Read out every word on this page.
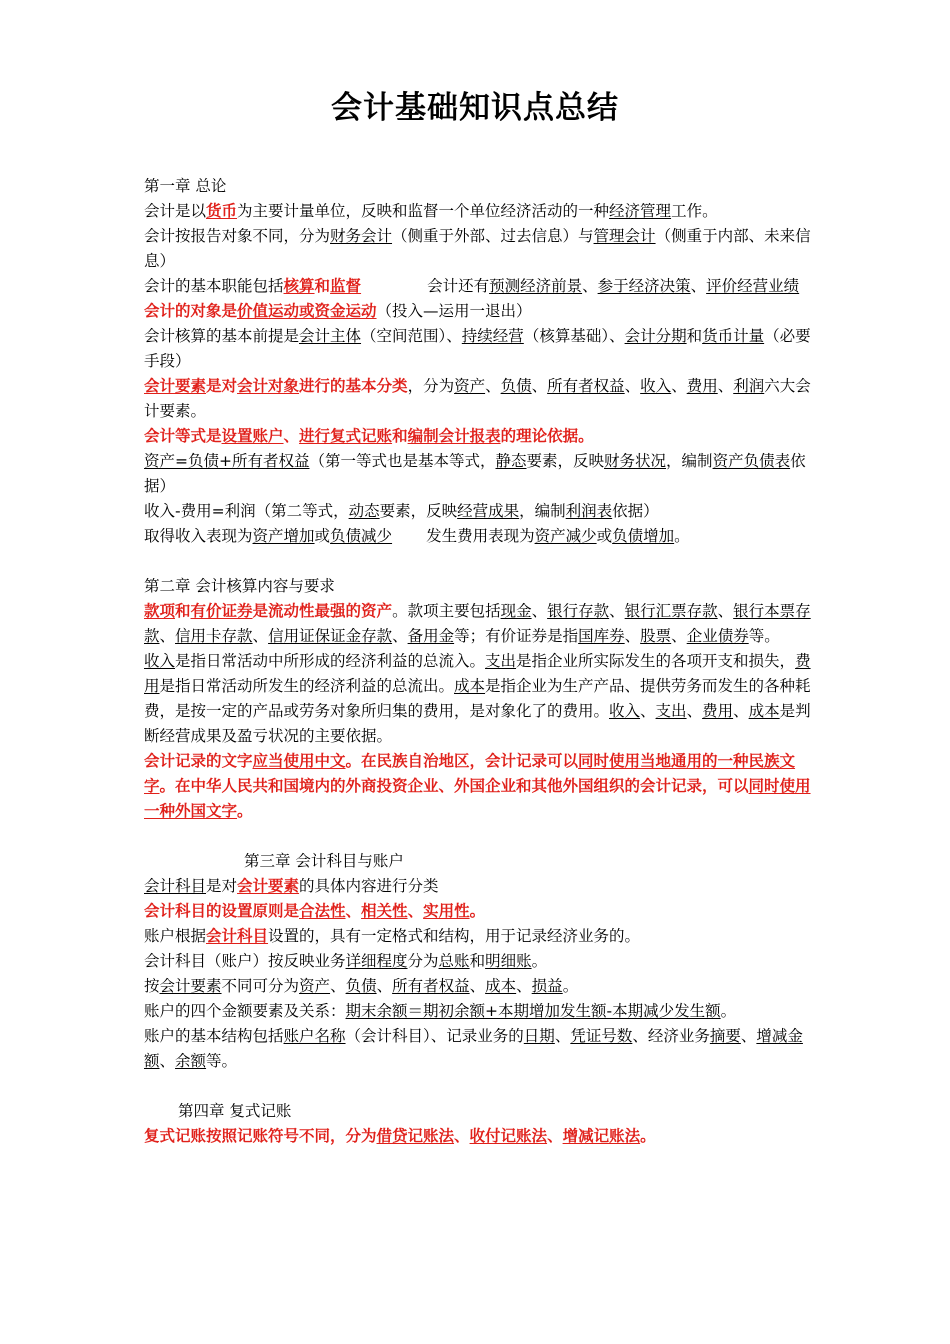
会计基础知识点总结

第一章 总论

会计是以货币为主要计量单位，反映和监督一个单位经济活动的一种经济管理工作。

会计按报告对象不同，分为财务会计（侧重于外部、过去信息）与管理会计（侧重于内部、未来信息）

会计的基本职能包括核算和监督	会计还有预测经济前景、参于经济决策、评价经营业绩

会计的对象是价值运动或资金运动（投入—运用一退出）

会计核算的基本前提是会计主体（空间范围）、持续经营（核算基础）、会计分期和货币计量（必要手段）

会计要素是对会计对象进行的基本分类，分为资产、负债、所有者权益、收入、费用、利润六大会计要素。

会计等式是设置账户、进行复式记账和编制会计报表的理论依据。

资产=负债+所有者权益（第一等式也是基本等式，静态要素，反映财务状况，编制资产负债表依据）

收入-费用=利润（第二等式，动态要素，反映经营成果，编制利润表依据）

取得收入表现为资产增加或负债减少 发生费用表现为资产减少或负债增加。

第二章 会计核算内容与要求

款项和有价证券是流动性最强的资产。款项主要包括现金、银行存款、银行汇票存款、银行本票存款、信用卡存款、信用证保证金存款、备用金等；有价证券是指国库券、股票、企业债券等。

收入是指日常活动中所形成的经济利益的总流入。支出是指企业所实际发生的各项开支和损失，费用是指日常活动所发生的经济利益的总流出。成本是指企业为生产产品、提供劳务而发生的各种耗费，是按一定的产品或劳务对象所归集的费用，是对象化了的费用。收入、支出、费用、成本是判断经营成果及盈亏状况的主要依据。

会计记录的文字应当使用中文。在民族自治地区，会计记录可以同时使用当地通用的一种民族文字。在中华人民共和国境内的外商投资企业、外国企业和其他外国组织的会计记录，可以同时使用一种外国文字。

第三章 会计科目与账户

会计科目是对会计要素的具体内容进行分类

会计科目的设置原则是合法性、相关性、实用性。

账户根据会计科目设置的，具有一定格式和结构，用于记录经济业务的。

会计科目（账户）按反映业务详细程度分为总账和明细账。

按会计要素不同可分为资产、负债、所有者权益、成本、损益。

账户的四个金额要素及关系：期末余额＝期初余额+本期增加发生额-本期减少发生额。

账户的基本结构包括账户名称（会计科目）、记录业务的日期、凭证号数、经济业务摘要、增减金额、余额等。

第四章 复式记账

复式记账按照记账符号不同，分为借贷记账法、收付记账法、增减记账法。
